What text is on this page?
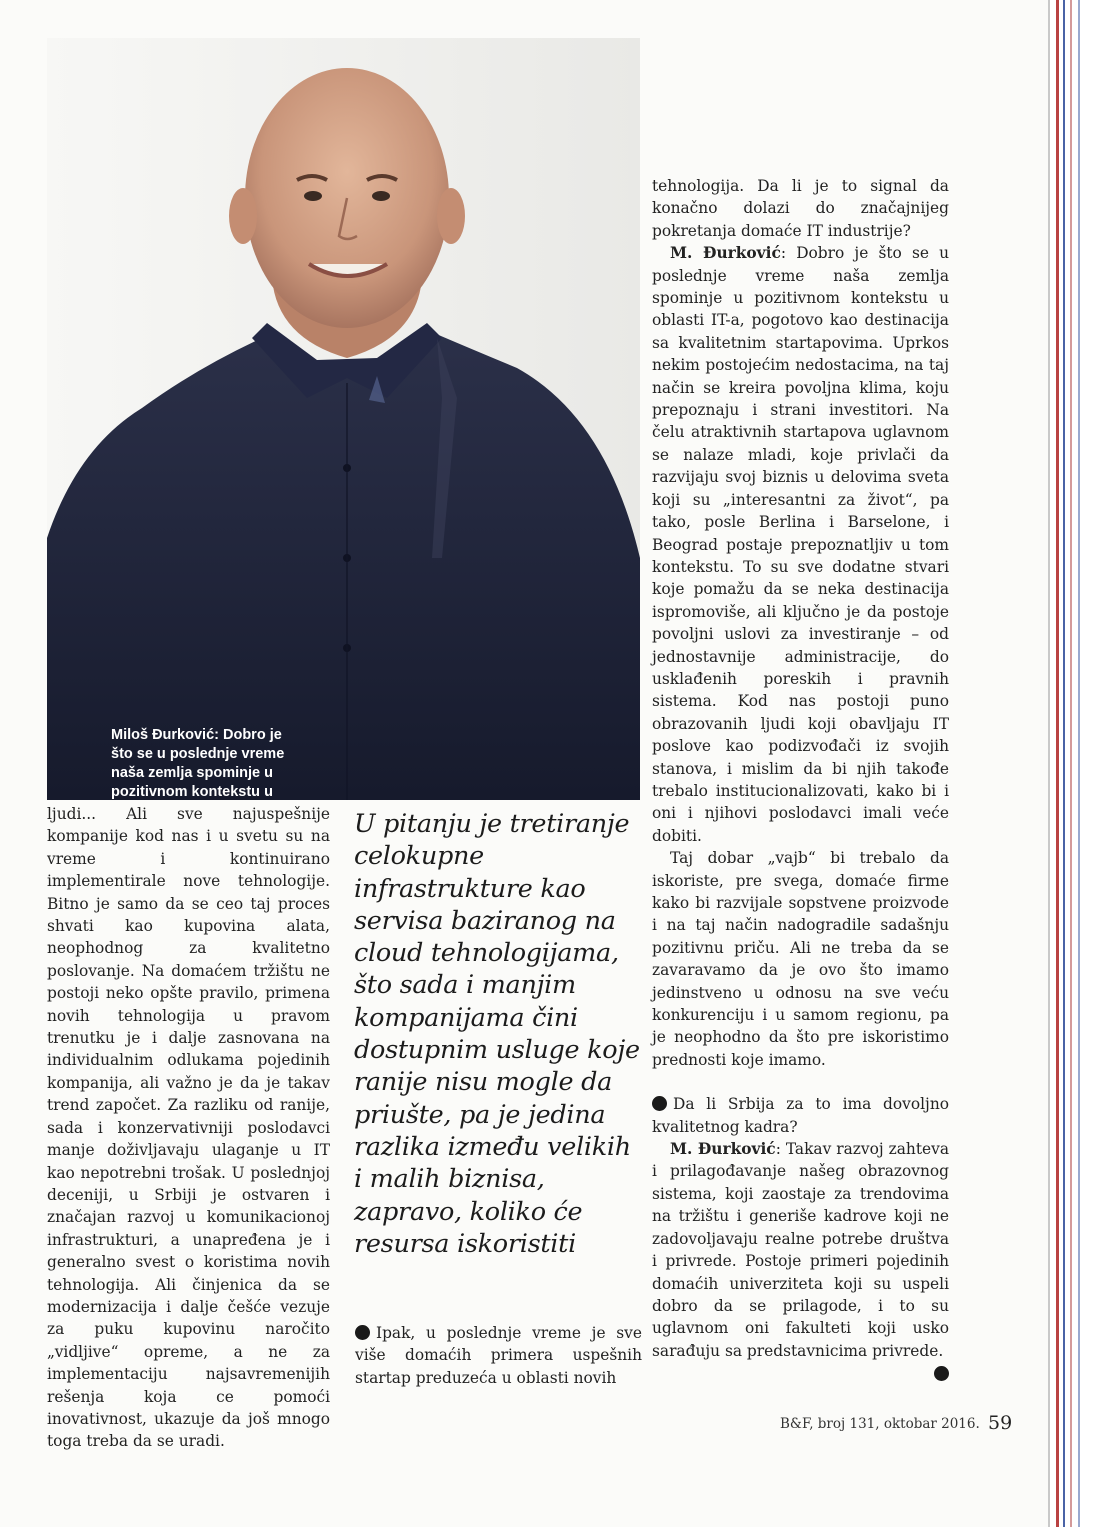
Miloš Đurković: Dobro je
što se u poslednje vreme
naša zemlja spominje u
pozitivnom kontekstu u

ljudi... Ali sve najuspešnije kompanije kod nas i u svetu su na vreme i kontinuirano implementirale nove tehnologije. Bitno je samo da se ceo taj proces shvati kao kupovina alata, neophodnog za kvalitetno poslovanje. Na domaćem tržištu ne postoji neko opšte pravilo, primena novih tehnologija u pravom trenutku je i dalje zasnovana na individualnim odlukama pojedinih kompanija, ali važno je da je takav trend započet. Za razliku od ranije, sada i konzervativniji poslodavci manje doživljavaju ulaganje u IT kao nepotrebni trošak. U poslednjoj deceniji, u Srbiji je ostvaren i značajan razvoj u komunikacionoj infrastrukturi, a unapređena je i generalno svest o koristima novih tehnologija. Ali činjenica da se modernizacija i dalje češće vezuje za puku kupovinu naročito „vidljive“ opreme, a ne za implementaciju najsavremenijih rešenja koja ce pomoći inovativnost, ukazuje da još mnogo toga treba da se uradi.

U pitanju je tretiranje celokupne infrastrukture kao servisa baziranog na cloud tehnologijama, što sada i manjim kompanijama čini dostupnim usluge koje ranije nisu mogle da priušte, pa je jedina razlika između velikih i malih biznisa, zapravo, koliko će resursa iskoristiti

Ipak, u poslednje vreme je sve više domaćih primera uspešnih startap preduzeća u oblasti novih

tehnologija. Da li je to signal da konačno dolazi do značajnijeg pokretanja domaće IT industrije?

M. Đurković: Dobro je što se u poslednje vreme naša zemlja spominje u pozitivnom kontekstu u oblasti IT-a, pogotovo kao destinacija sa kvalitetnim startapovima. Uprkos nekim postojećim nedostacima, na taj način se kreira povoljna klima, koju prepoznaju i strani investitori. Na čelu atraktivnih startapova uglavnom se nalaze mladi, koje privlači da razvijaju svoj biznis u delovima sveta koji su „interesantni za život“, pa tako, posle Berlina i Barselone, i Beograd postaje prepoznatljiv u tom kontekstu. To su sve dodatne stvari koje pomažu da se neka destinacija ispromoviše, ali ključno je da postoje povoljni uslovi za investiranje – od jednostavnije administracije, do usklađenih poreskih i pravnih sistema. Kod nas postoji puno obrazovanih ljudi koji obavljaju IT poslove kao podizvođači iz svojih stanova, i mislim da bi njih takođe trebalo institucionalizovati, kako bi i oni i njihovi poslodavci imali veće dobiti.

Taj dobar „vajb“ bi trebalo da iskoriste, pre svega, domaće firme kako bi razvijale sopstvene proizvode i na taj način nadogradile sadašnju pozitivnu priču. Ali ne treba da se zavaravamo da je ovo što imamo jedinstveno u odnosu na sve veću konkurenciju i u samom regionu, pa je neophodno da što pre iskoristimo prednosti koje imamo.

Da li Srbija za to ima dovoljno kvalitetnog kadra?

M. Đurković: Takav razvoj zahteva i prilagođavanje našeg obrazovnog sistema, koji zaostaje za trendovima na tržištu i generiše kadrove koji ne zadovoljavaju realne potrebe društva i privrede. Postoje primeri pojedinih domaćih univerziteta koji su uspeli dobro da se prilagode, i to su uglavnom oni fakulteti koji usko sarađuju sa predstavnicima privrede.

B&F, broj 131, oktobar 2016. 59
